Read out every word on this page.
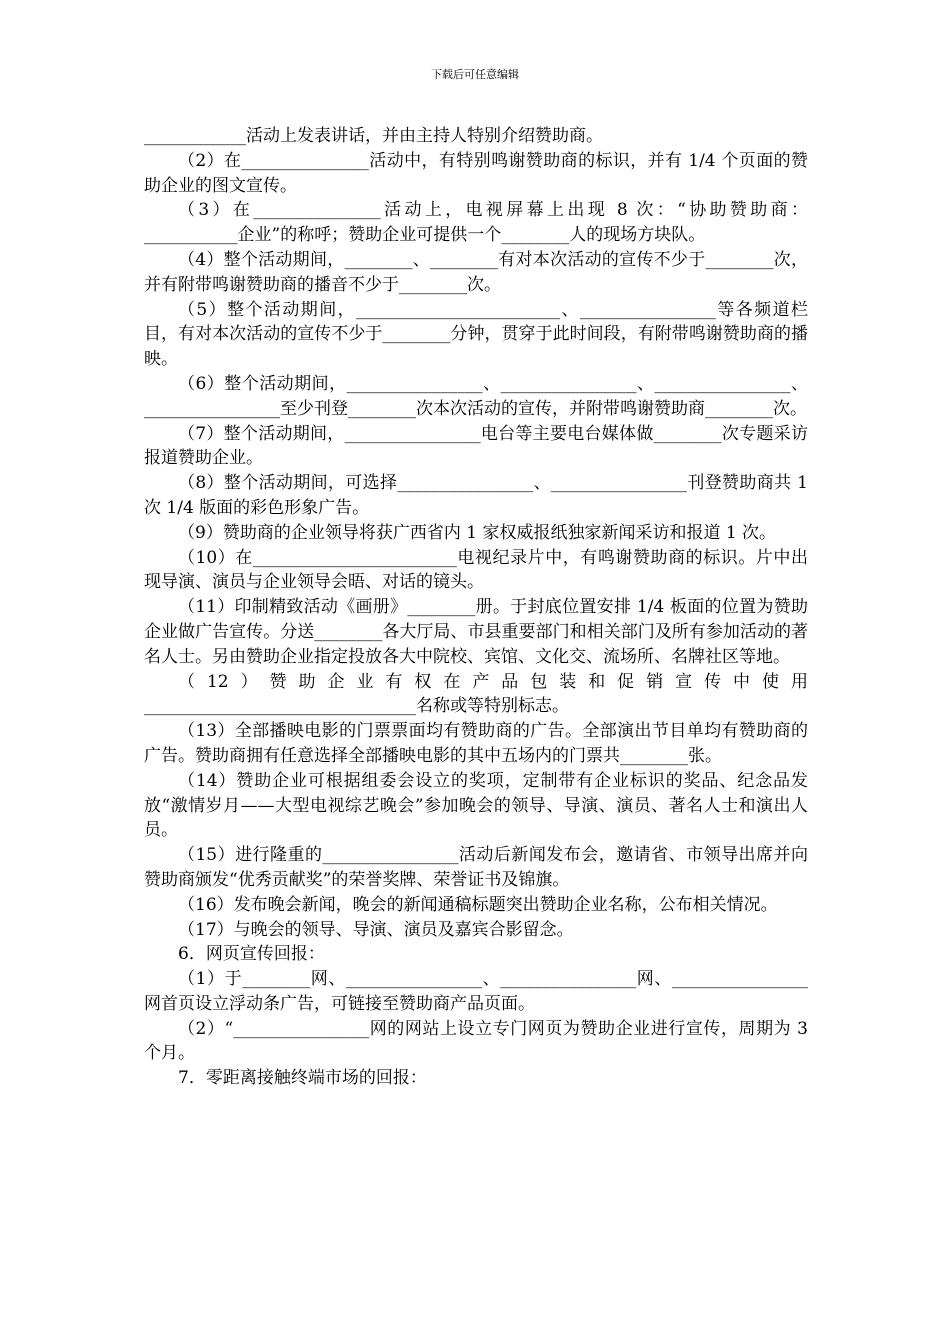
下载后可任意编辑

____________活动上发表讲话，并由主持人特别介绍赞助商。

（2）在_______________活动中，有特别鸣谢赞助商的标识，并有 1/4 个页面的赞助企业的图文宣传。

（3）在_______________活动上，电视屏幕上出现 8 次：“协助赞助商：___________企业”的称呼；赞助企业可提供一个________人的现场方块队。

（4）整个活动期间，________、________有对本次活动的宣传不少于________次，并有附带鸣谢赞助商的播音不少于________次。

（5）整个活动期间，________________________、________________等各频道栏目，有对本次活动的宣传不少于________分钟，贯穿于此时间段，有附带鸣谢赞助商的播映。

（6）整个活动期间，________________、________________、________________、________________至少刊登________次本次活动的宣传，并附带鸣谢赞助商________次。

（7）整个活动期间，________________电台等主要电台媒体做________次专题采访报道赞助企业。

（8）整个活动期间，可选择________________、________________刊登赞助商共 1 次 1/4 版面的彩色形象广告。

（9）赞助商的企业领导将获广西省内 1 家权威报纸独家新闻采访和报道 1 次。

（10）在________________________电视纪录片中，有鸣谢赞助商的标识。片中出现导演、演员与企业领导会晤、对话的镜头。

（11）印制精致活动《画册》________册。于封底位置安排 1/4 板面的位置为赞助企业做广告宣传。分送________各大厅局、市县重要部门和相关部门及所有参加活动的著名人士。另由赞助企业指定投放各大中院校、宾馆、文化交、流场所、名牌社区等地。

（12）赞助企业有权在产品包装和促销宣传中使用________________________________名称或等特别标志。

（13）全部播映电影的门票票面均有赞助商的广告。全部演出节目单均有赞助商的广告。赞助商拥有任意选择全部播映电影的其中五场内的门票共________张。

（14）赞助企业可根据组委会设立的奖项，定制带有企业标识的奖品、纪念品发放“激情岁月——大型电视综艺晚会”参加晚会的领导、导演、演员、著名人士和演出人员。

（15）进行隆重的________________活动后新闻发布会，邀请省、市领导出席并向赞助商颁发“优秀贡献奖”的荣誉奖牌、荣誉证书及锦旗。

（16）发布晚会新闻，晚会的新闻通稿标题突出赞助企业名称，公布相关情况。

（17）与晚会的领导、导演、演员及嘉宾合影留念。

6．网页宣传回报：

（1）于________网、________________、________________网、________________网首页设立浮动条广告，可链接至赞助商产品页面。

（2）“________________网的网站上设立专门网页为赞助企业进行宣传，周期为 3 个月。

7．零距离接触终端市场的回报：
